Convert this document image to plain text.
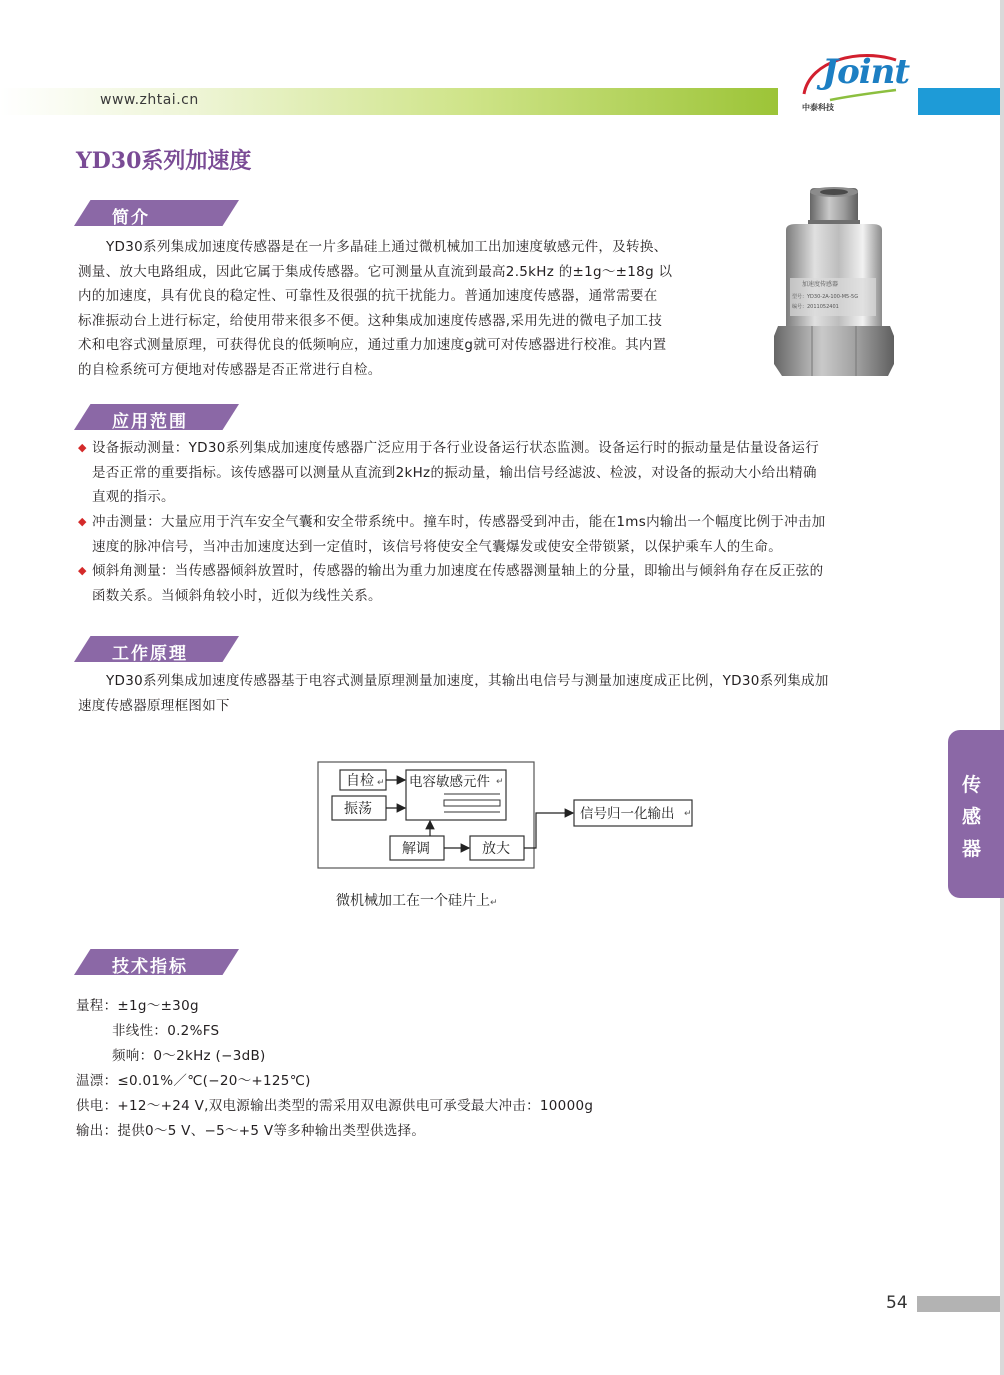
www.zhtai.cn
Joint
中泰科技
YD30系列加速度
简介
YD30系列集成加速度传感器是在一片多晶硅上通过微机械加工出加速度敏感元件，及转换、
测量、放大电路组成，因此它属于集成传感器。它可测量从直流到最高2.5kHz 的±1g～±18g 以
内的加速度，具有优良的稳定性、可靠性及很强的抗干扰能力。普通加速度传感器，通常需要在
标准振动台上进行标定，给使用带来很多不便。这种集成加速度传感器,采用先进的微电子加工技
术和电容式测量原理，可获得优良的低频响应，通过重力加速度g就可对传感器进行校准。其内置
的自检系统可方便地对传感器是否正常进行自检。
加速度传感器
型号：YD30-2A-100-M5-5G
编号：2011052401
应用范围
◆ 设备振动测量：YD30系列集成加速度传感器广泛应用于各行业设备运行状态监测。设备运行时的振动量是估量设备运行
是否正常的重要指标。该传感器可以测量从直流到2kHz的振动量，输出信号经滤波、检波，对设备的振动大小给出精确
直观的指示。
◆ 冲击测量：大量应用于汽车安全气囊和安全带系统中。撞车时，传感器受到冲击，能在1ms内输出一个幅度比例于冲击加
速度的脉冲信号，当冲击加速度达到一定值时，该信号将使安全气囊爆发或使安全带锁紧，以保护乘车人的生命。
◆ 倾斜角测量：当传感器倾斜放置时，传感器的输出为重力加速度在传感器测量轴上的分量，即输出与倾斜角存在反正弦的
函数关系。当倾斜角较小时，近似为线性关系。
工作原理
YD30系列集成加速度传感器基于电容式测量原理测量加速度，其输出电信号与测量加速度成正比例，YD30系列集成加
速度传感器原理框图如下
自检 ↵
振荡
电容敏感元件 ↵
解调	放大
信号归一化输出 ↵
微机械加工在一个硅片上↵
传
感
器
技术指标
量程：±1g～±30g
非线性：0.2%FS
频响：0～2kHz (−3dB)
温漂：≤0.01%／℃(−20～+125℃)
供电：+12～+24 V,双电源输出类型的需采用双电源供电可承受最大冲击：10000g
输出：提供0～5 V、−5～+5 V等多种输出类型供选择。
54
